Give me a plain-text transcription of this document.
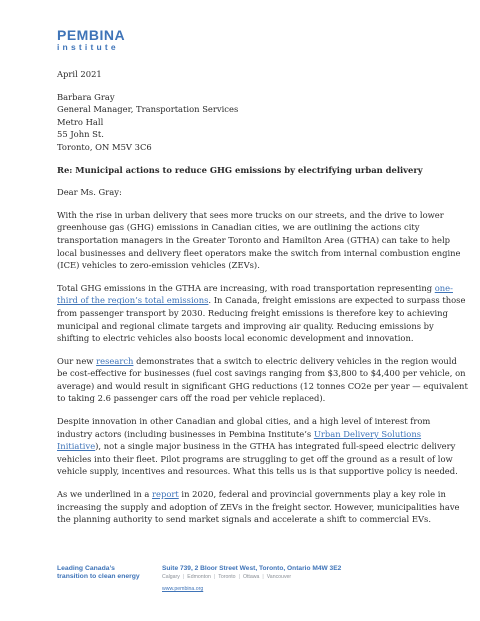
PEMBINA
institute
April 2021
Barbara Gray
General Manager, Transportation Services
Metro Hall
55 John St.
Toronto, ON M5V 3C6
Re: Municipal actions to reduce GHG emissions by electrifying urban delivery
Dear Ms. Gray:

With the rise in urban delivery that sees more trucks on our streets, and the drive to lower
greenhouse gas (GHG) emissions in Canadian cities, we are outlining the actions city
transportation managers in the Greater Toronto and Hamilton Area (GTHA) can take to help
local businesses and delivery fleet operators make the switch from internal combustion engine
(ICE) vehicles to zero-emission vehicles (ZEVs).

Total GHG emissions in the GTHA are increasing, with road transportation representing one-
third of the region’s total emissions. In Canada, freight emissions are expected to surpass those
from passenger transport by 2030. Reducing freight emissions is therefore key to achieving
municipal and regional climate targets and improving air quality. Reducing emissions by
shifting to electric vehicles also boosts local economic development and innovation.

Our new research demonstrates that a switch to electric delivery vehicles in the region would
be cost-effective for businesses (fuel cost savings ranging from $3,800 to $4,400 per vehicle, on
average) and would result in significant GHG reductions (12 tonnes CO2e per year — equivalent
to taking 2.6 passenger cars off the road per vehicle replaced).

Despite innovation in other Canadian and global cities, and a high level of interest from
industry actors (including businesses in Pembina Institute’s Urban Delivery Solutions
Initiative), not a single major business in the GTHA has integrated full-speed electric delivery
vehicles into their fleet. Pilot programs are struggling to get off the ground as a result of low
vehicle supply, incentives and resources. What this tells us is that supportive policy is needed.

As we underlined in a report in 2020, federal and provincial governments play a key role in
increasing the supply and adoption of ZEVs in the freight sector. However, municipalities have
the planning authority to send market signals and accelerate a shift to commercial EVs.

Leading Canada’s transition to clean energy
Suite 739, 2 Bloor Street West, Toronto, Ontario M4W 3E2
Calgary | Edmonton | Toronto | Ottawa | Vancouver
www.pembina.org
